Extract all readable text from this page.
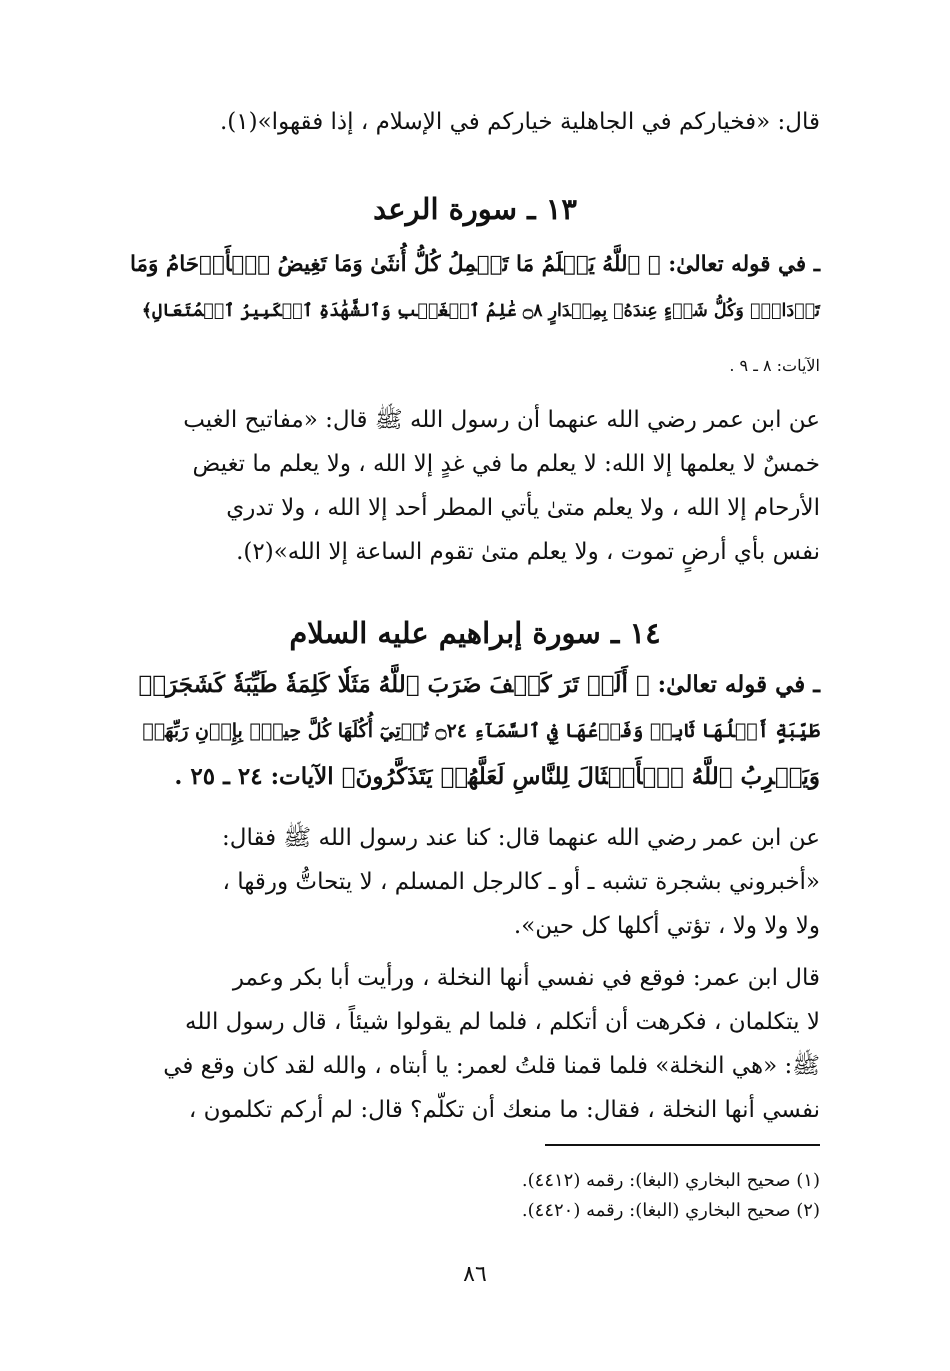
قال: «فخياركم في الجاهلية خياركم في الإسلام ، إذا فقهوا»(١).
١٣ ـ سورة الرعد
ـ في قوله تعالىٰ: ﴿ ٱللَّهُ يَعۡلَمُ مَا تَحۡمِلُ كُلُّ أُنثَىٰ وَمَا تَغِيضُ ٱلۡأَرۡحَامُ وَمَا
تَزۡدَادُۚ وَكُلُّ شَيۡءٍ عِندَهُۥ بِمِقۡدَارٍ ۝٨ عَٰلِمُ ٱلۡغَيۡبِ وَٱلشَّهَٰدَةِ ٱلۡكَبِيرُ ٱلۡمُتَعَالِ﴾
الآيات: ٨ ـ ٩ .
عن ابن عمر رضي الله عنهما أن رسول الله ﷺ قال: «مفاتيح الغيب
خمسٌ لا يعلمها إلا الله: لا يعلم ما في غدٍ إلا الله ، ولا يعلم ما تغيض
الأرحام إلا الله ، ولا يعلم متىٰ يأتي المطر أحد إلا الله ، ولا تدري
نفس بأي أرضٍ تموت ، ولا يعلم متىٰ تقوم الساعة إلا الله»(٢).
١٤ ـ سورة إبراهيم عليه السلام
ـ في قوله تعالىٰ: ﴿ أَلَمۡ تَرَ كَيۡفَ ضَرَبَ ٱللَّهُ مَثَلٗا كَلِمَةٗ طَيِّبَةٗ كَشَجَرَةٖ
طَيِّبَةٍ أَصۡلُهَا ثَابِتٞ وَفَرۡعُهَا فِي ٱلسَّمَآءِ ۝٢٤ تُؤۡتِيٓ أُكُلَهَا كُلَّ حِينِۢ بِإِذۡنِ رَبِّهَاۗ
وَيَضۡرِبُ ٱللَّهُ ٱلۡأَمۡثَالَ لِلنَّاسِ لَعَلَّهُمۡ يَتَذَكَّرُونَ﴾ الآيات: ٢٤ ـ ٢٥ .
عن ابن عمر رضي الله عنهما قال: كنا عند رسول الله ﷺ فقال:
«أخبروني بشجرة تشبه ـ أو ـ كالرجل المسلم ، لا يتحاتُّ ورقها ،
ولا ولا ولا ، تؤتي أكلها كل حين».
قال ابن عمر: فوقع في نفسي أنها النخلة ، ورأيت أبا بكر وعمر
لا يتكلمان ، فكرهت أن أتكلم ، فلما لم يقولوا شيئاً ، قال رسول الله
ﷺ: «هي النخلة» فلما قمنا قلتُ لعمر: يا أبتاه ، والله لقد كان وقع في
نفسي أنها النخلة ، فقال: ما منعك أن تكلّم؟ قال: لم أركم تكلمون ،
(١) صحيح البخاري (البغا): رقمه (٤٤١٢).
(٢) صحيح البخاري (البغا): رقمه (٤٤٢٠).
٨٦
